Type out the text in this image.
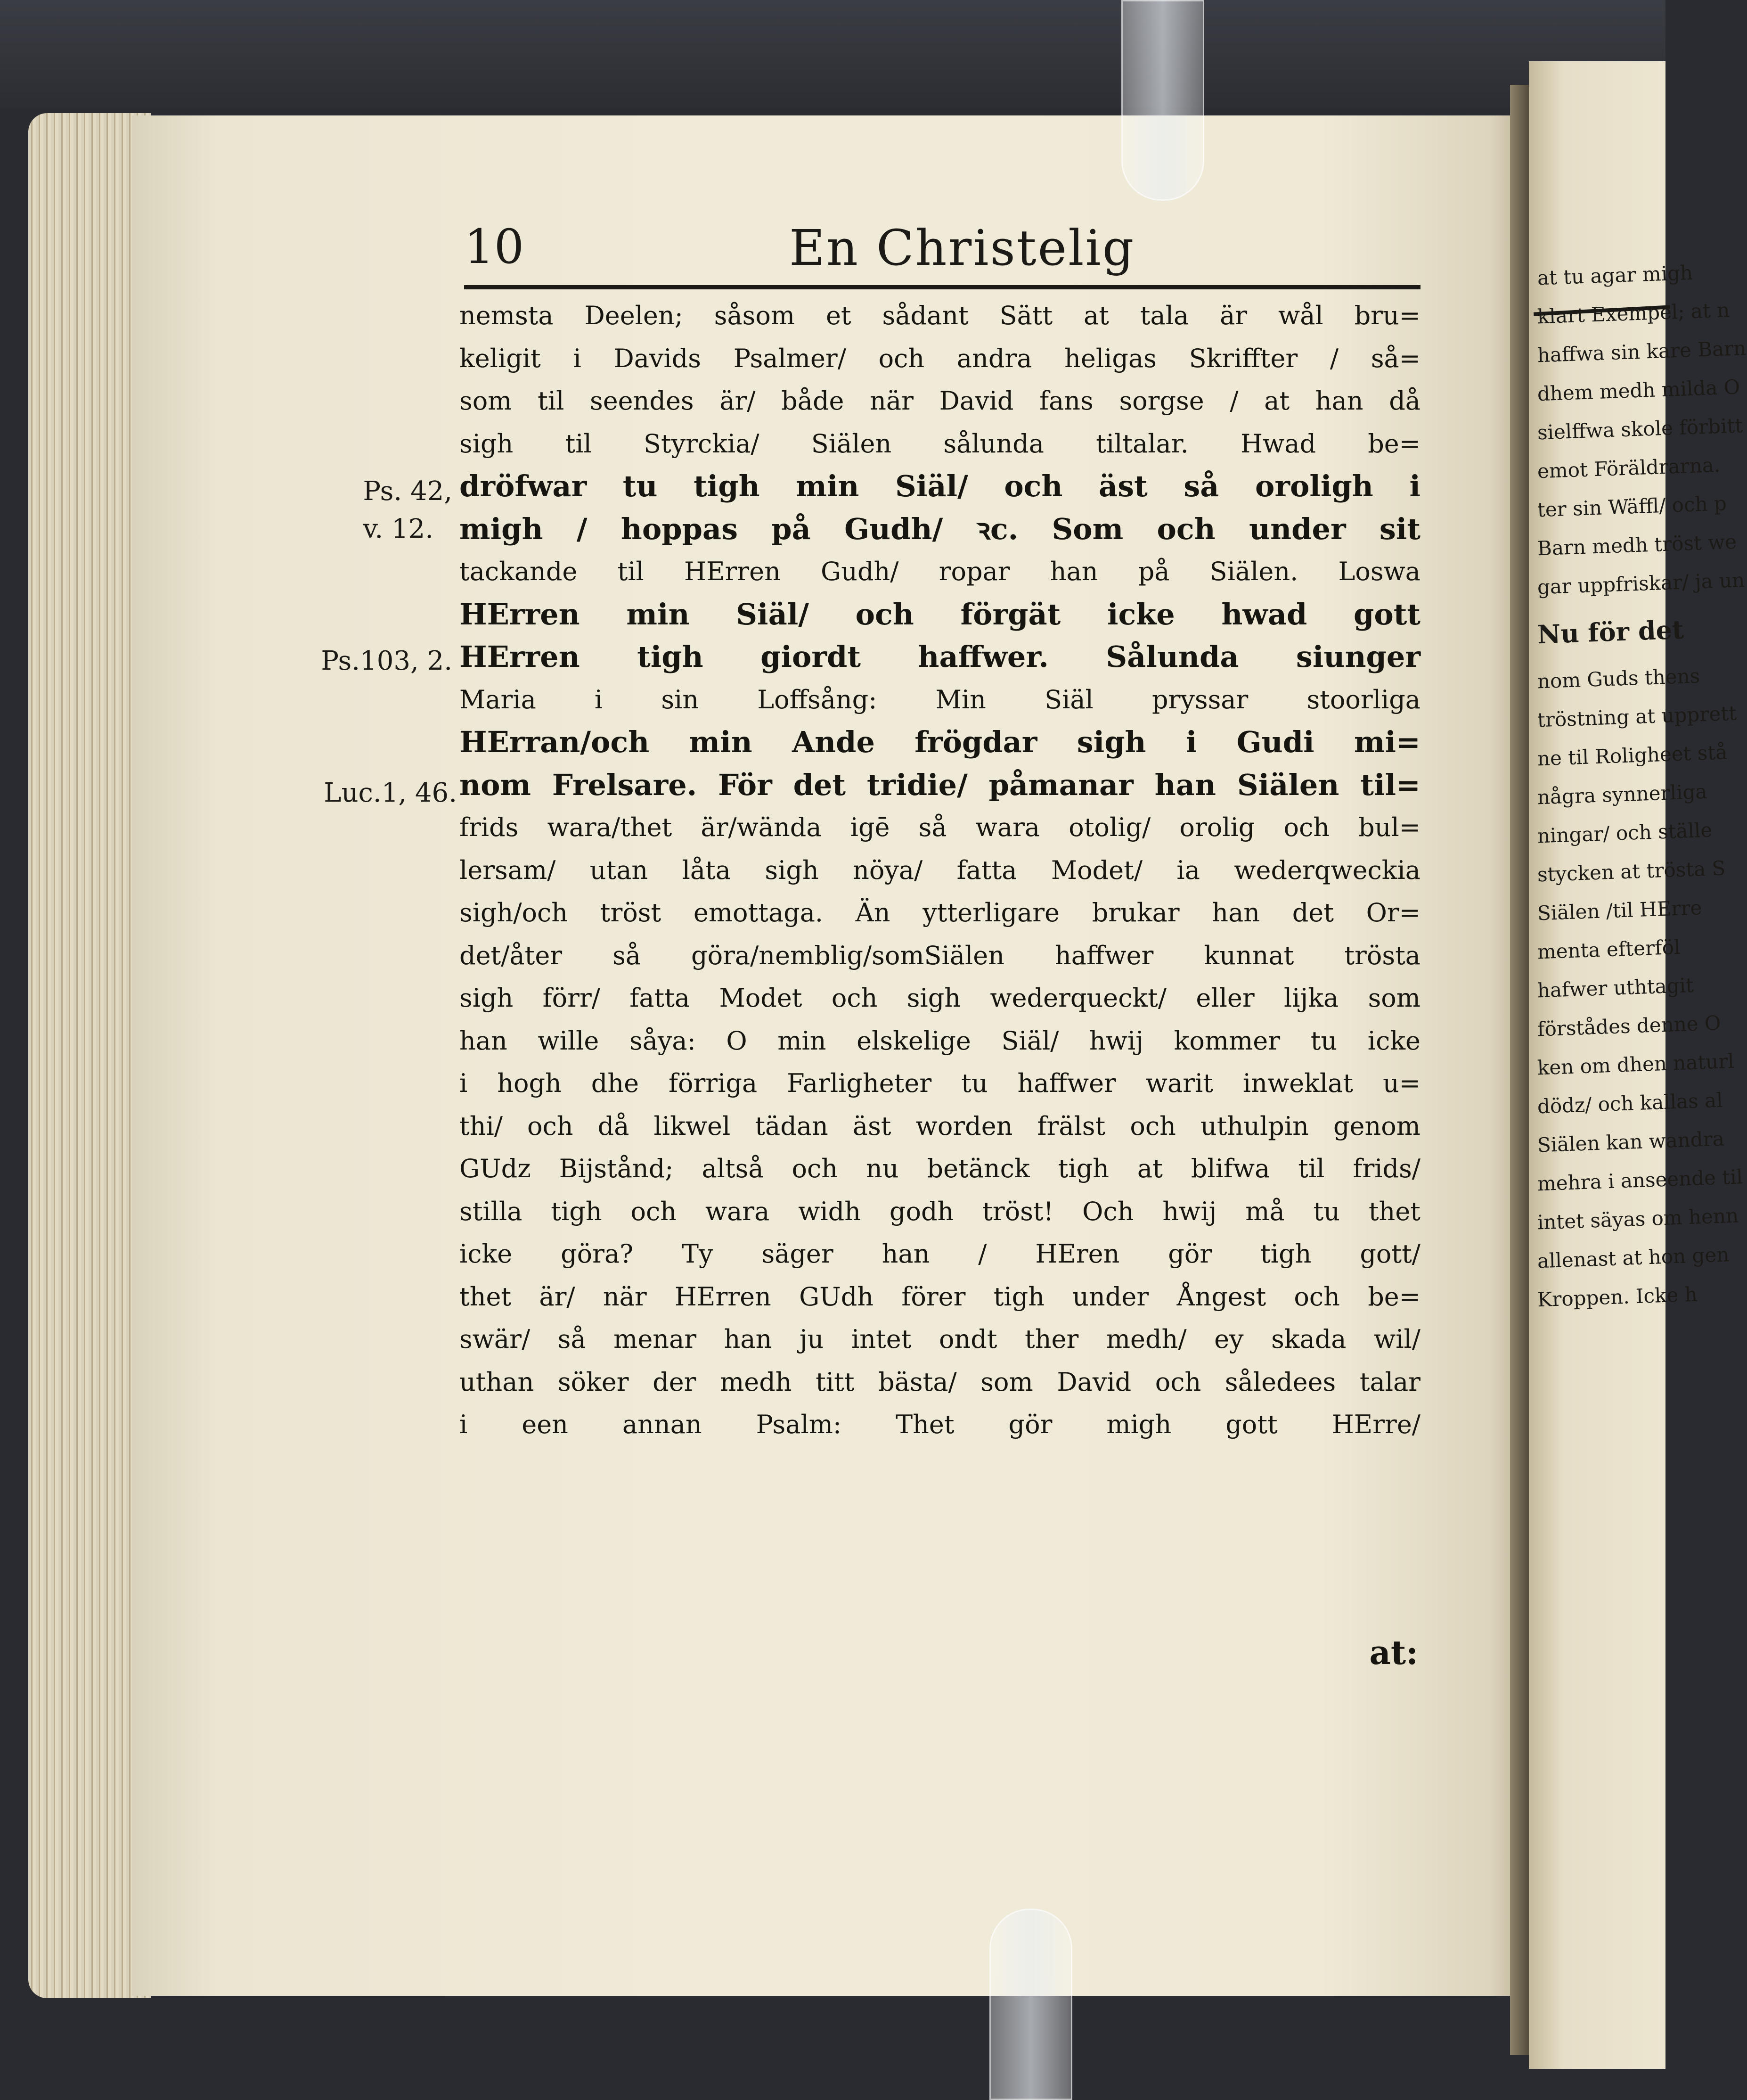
at tu agar migh
klart Exempel; at n
haffwa sin kare Barn
dhem medh milda O
sielffwa skole förbitt
emot Föräldrarna.
ter sin Wäffl/ och p
Barn medh tröst we
gar uppfriskar/ ja un
Nu för det
nom Guds thens
tröstning at upprett
ne til Roligheet stå
några synnerliga
ningar/ och ställe
stycken at trösta S
Siälen /til HErre
menta efterföl
hafwer uthtagit
förstådes denne O
ken om dhen naturl
dödz/ och kallas al
Siälen kan wandra
mehra i anseende til
intet säyas om henn
allenast at hon gen
Kroppen. Icke h
10	En Christelig
Ps. 42,
v. 12.
Ps.103, 2.
Luc.1, 46.
nemsta Deelen; såsom et sådant Sätt at tala är wål bru=
keligit i Davids Psalmer/ och andra heligas Skriffter / så=
som til seendes är/ både när David fans sorgse / at han då
sigh til Styrckia/ Siälen sålunda tiltalar. Hwad be=
dröfwar tu tigh min Siäl/ och äst så oroligh i
migh / hoppas på Gudh/ ꝛc. Som och under sit
tackande til HErren Gudh/ ropar han på Siälen. Loswa
HErren min Siäl/ och förgät icke hwad gott
HErren tigh giordt haffwer. Sålunda siunger
Maria i sin Loffsång: Min Siäl pryssar stoorliga
HErran/och min Ande frögdar sigh i Gudi mi=
nom Frelsare. För det tridie/ påmanar han Siälen til=
frids wara/thet är/wända igē så wara otolig/ orolig och bul=
lersam/ utan låta sigh nöya/ fatta Modet/ ia wederqweckia
sigh/och tröst emottaga. Än ytterligare brukar han det Or=
det/åter så göra/nemblig/somSiälen haffwer kunnat trösta
sigh förr/ fatta Modet och sigh wederqueckt/ eller lijka som
han wille såya: O min elskelige Siäl/ hwij kommer tu icke
i hogh dhe förriga Farligheter tu haffwer warit inweklat u=
thi/ och då likwel tädan äst worden frälst och uthulpin genom
GUdz Bijstånd; altså och nu betänck tigh at blifwa til frids/
stilla tigh och wara widh godh tröst! Och hwij må tu thet
icke göra? Ty säger han / HEren gör tigh gott/
thet är/ när HErren GUdh förer tigh under Ångest och be=
swär/ så menar han ju intet ondt ther medh/ ey skada wil/
uthan söker der medh titt bästa/ som David och såledees talar
i een annan Psalm: Thet gör migh gott HErre/
at:
